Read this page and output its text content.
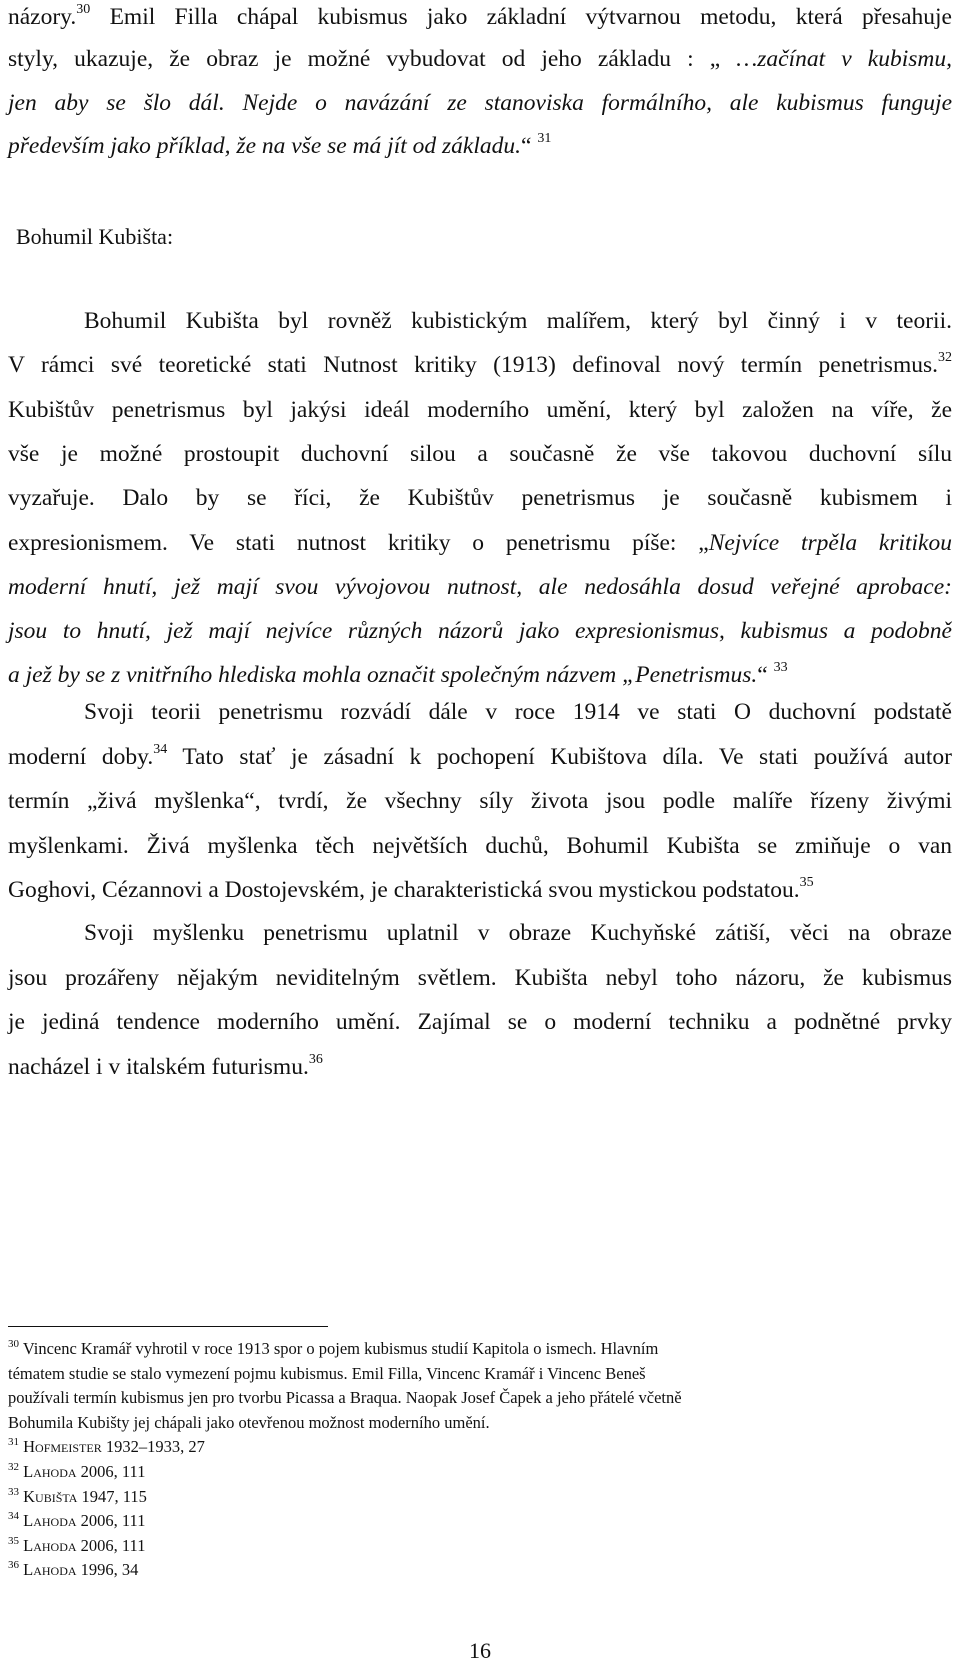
názory.$^{30}$ Emil Filla chápal kubismus jako základní výtvarnou metodu, která přesahuje
styly, ukazuje, že obraz je možné vybudovat od jeho základu : „ …začínat v kubismu,
jen aby se šlo dál. Nejde o navázání ze stanoviska formálního, ale kubismus funguje
především jako příklad, že na vše se má jít od základu.“ $^{31}$
Bohumil Kubišta byl rovněž kubistickým malířem, který byl činný i v teorii.
V rámci své teoretické stati Nutnost kritiky (1913) definoval nový termín penetrismus.$^{32}$
Kubištův penetrismus byl jakýsi ideál moderního umění, který byl založen na víře, že
vše je možné prostoupit duchovní silou a současně že vše takovou duchovní sílu
vyzařuje. Dalo by se říci, že Kubištův penetrismus je současně kubismem i
expresionismem. Ve stati nutnost kritiky o penetrismu píše: „Nejvíce trpěla kritikou
moderní hnutí, jež mají svou vývojovou nutnost, ale nedosáhla dosud veřejné aprobace:
jsou to hnutí, jež mají nejvíce různých názorů jako expresionismus, kubismus a podobně
a jež by se z vnitřního hlediska mohla označit společným názvem „Penetrismus.“ $^{33}$
Svoji teorii penetrismu rozvádí dále v roce 1914 ve stati O duchovní podstatě
moderní doby.$^{34}$ Tato stať je zásadní k pochopení Kubištova díla. Ve stati používá autor
termín „živá myšlenka“, tvrdí, že všechny síly života jsou podle malíře řízeny živými
myšlenkami. Živá myšlenka těch největších duchů, Bohumil Kubišta se zmiňuje o van
Goghovi, Cézannovi a Dostojevském, je charakteristická svou mystickou podstatou.$^{35}$
Svoji myšlenku penetrismu uplatnil v obraze Kuchyňské zátiší, věci na obraze
jsou prozářeny nějakým neviditelným světlem. Kubišta nebyl toho názoru, že kubismus
je jediná tendence moderního umění. Zajímal se o moderní techniku a podnětné prvky
nacházel i v italském futurismu.$^{36}$
Bohumil Kubišta:
$^{30}$ Vincenc Kramář vyhrotil v roce 1913 spor o pojem kubismus studií Kapitola o ismech. Hlavním
tématem studie se stalo vymezení pojmu kubismus. Emil Filla, Vincenc Kramář i Vincenc Beneš
používali termín kubismus jen pro tvorbu Picassa a Braqua. Naopak Josef Čapek a jeho přátelé včetně
Bohumila Kubišty jej chápali jako otevřenou možnost moderního umění.
$^{31}$ Hofmeister 1932–1933, 27
$^{32}$ Lahoda 2006, 111
$^{33}$ Kubišta 1947, 115
$^{34}$ Lahoda 2006, 111
$^{35}$ Lahoda 2006, 111
$^{36}$ Lahoda 1996, 34
16
